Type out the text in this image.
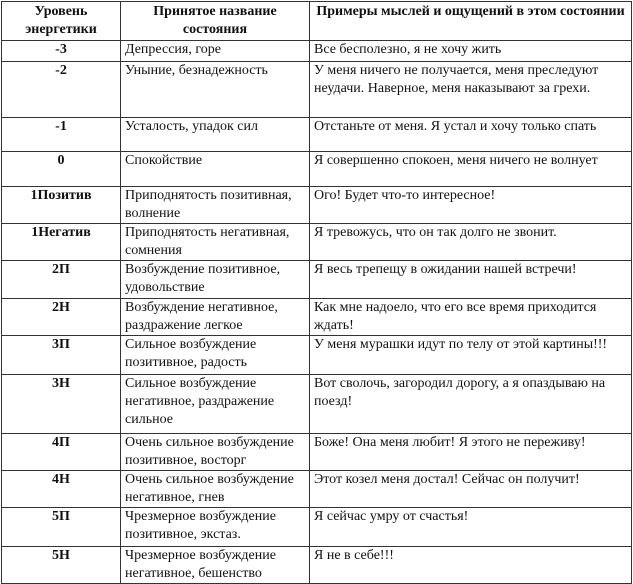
Уровень энергетики	Принятое название состояния	Примеры мыслей и ощущений в этом состоянии
-3	Депрессия, горе	Все бесполезно, я не хочу жить
-2	Уныние, безнадежность	У меня ничего не получается, меня преследуют неудачи. Наверное, меня наказывают за грехи.
-1	Усталость, упадок сил	Отстаньте от меня. Я устал и хочу только спать
0	Спокойствие	Я совершенно спокоен, меня ничего не волнует
1Позитив	Приподнятость позитивная, волнение	Ого! Будет что-то интересное!
1Негатив	Приподнятость негативная, сомнения	Я тревожусь, что он так долго не звонит.
2П	Возбуждение позитивное, удовольствие	Я весь трепещу в ожидании нашей встречи!
2Н	Возбуждение негативное, раздражение легкое	Как мне надоело, что его все время приходится ждать!
3П	Сильное возбуждение позитивное, радость	У меня мурашки идут по телу от этой картины!!!
3Н	Сильное возбуждение негативное, раздражение сильное	Вот сволочь, загородил дорогу, а я опаздываю на поезд!
4П	Очень сильное возбуждение позитивное, восторг	Боже! Она меня любит! Я этого не переживу!
4Н	Очень сильное возбуждение негативное, гнев	Этот козел меня достал! Сейчас он получит!
5П	Чрезмерное возбуждение позитивное, экстаз.	Я сейчас умру от счастья!
5Н	Чрезмерное возбуждение негативное, бешенство	Я не в себе!!!
